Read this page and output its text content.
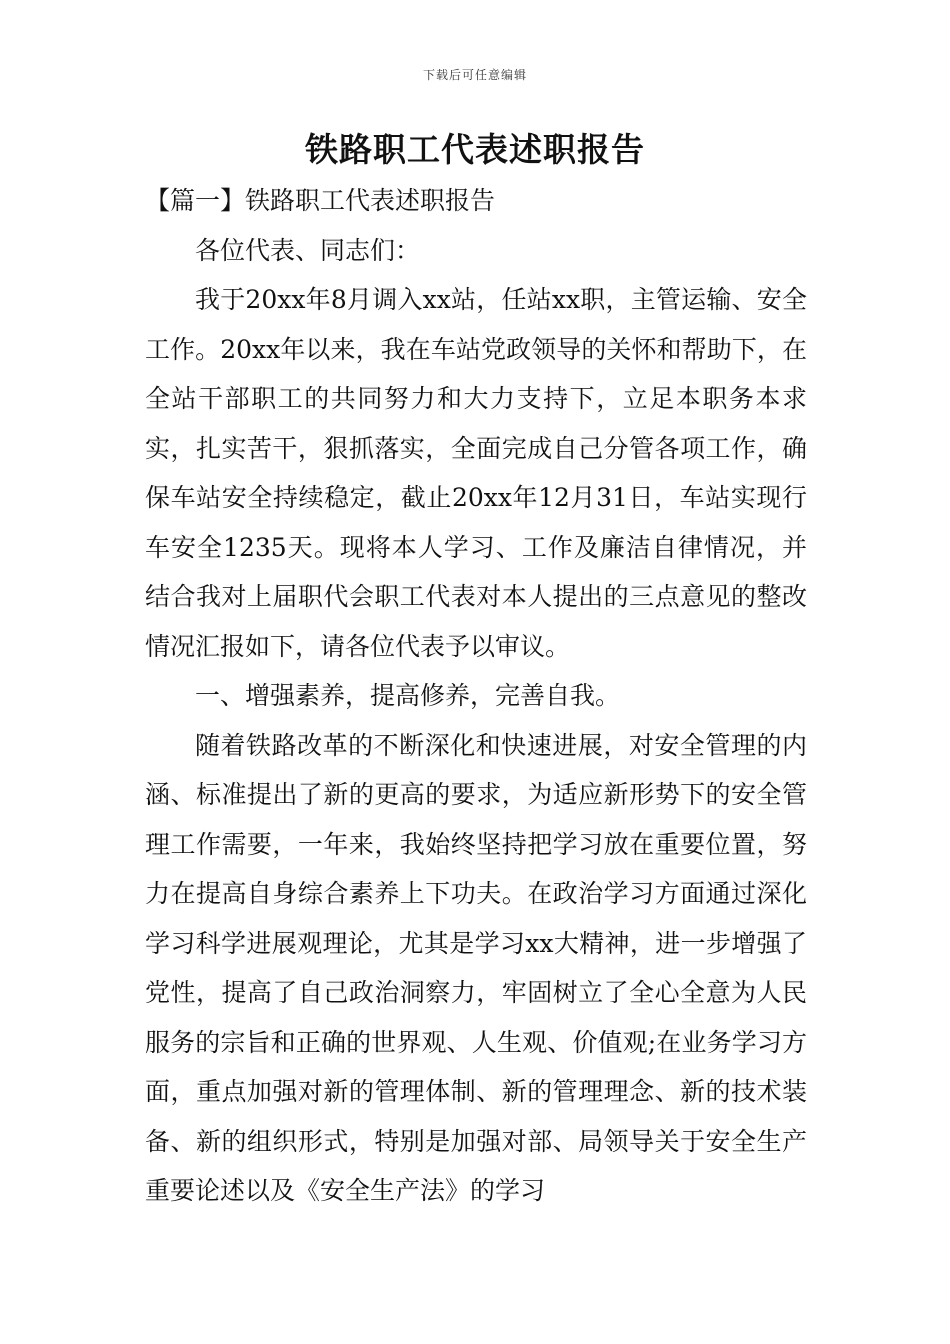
下载后可任意编辑
铁路职工代表述职报告

【篇一】铁路职工代表述职报告

各位代表、同志们：

我于20xx年8月调入xx站，任站xx职，主管运输、安全工作。20xx年以来，我在车站党政领导的关怀和帮助下，在全站干部职工的共同努力和大力支持下，立足本职务本求实，扎实苦干，狠抓落实，全面完成自己分管各项工作，确保车站安全持续稳定，截止20xx年12月31日，车站实现行车安全1235天。现将本人学习、工作及廉洁自律情况，并结合我对上届职代会职工代表对本人提出的三点意见的整改情况汇报如下，请各位代表予以审议。

一、增强素养，提高修养，完善自我。

随着铁路改革的不断深化和快速进展，对安全管理的内涵、标准提出了新的更高的要求，为适应新形势下的安全管理工作需要，一年来，我始终坚持把学习放在重要位置，努力在提高自身综合素养上下功夫。在政治学习方面通过深化学习科学进展观理论，尤其是学习xx大精神，进一步增强了党性，提高了自己政治洞察力，牢固树立了全心全意为人民服务的宗旨和正确的世界观、人生观、价值观;在业务学习方面，重点加强对新的管理体制、新的管理理念、新的技术装备、新的组织形式，特别是加强对部、局领导关于安全生产重要论述以及《安全生产法》的学习
